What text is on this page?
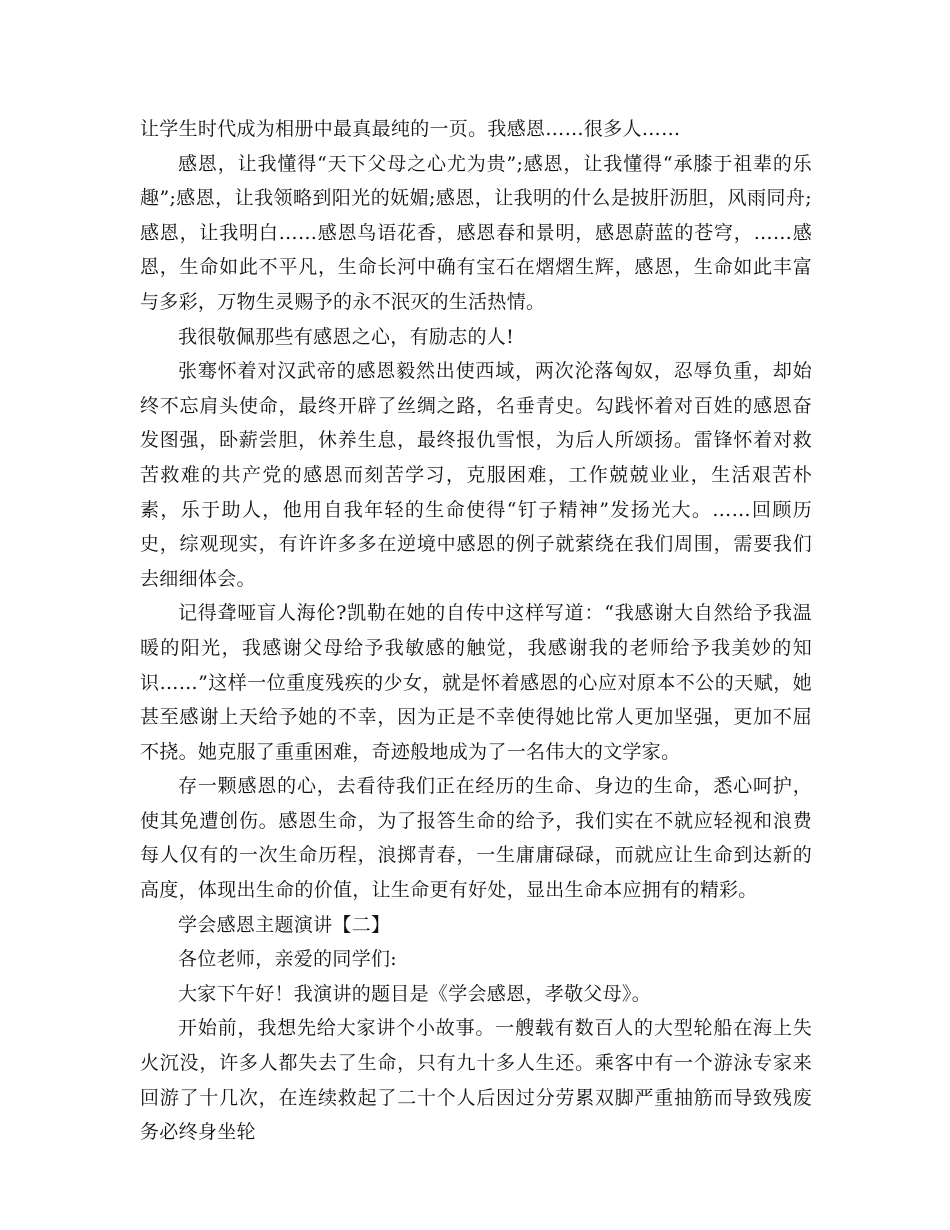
让学生时代成为相册中最真最纯的一页。我感恩……很多人……

感恩，让我懂得“天下父母之心尤为贵”;感恩，让我懂得“承膝于祖辈的乐趣”;感恩，让我领略到阳光的妩媚;感恩，让我明的什么是披肝沥胆，风雨同舟;感恩，让我明白……感恩鸟语花香，感恩春和景明，感恩蔚蓝的苍穹，……感恩，生命如此不平凡，生命长河中确有宝石在熠熠生辉，感恩，生命如此丰富与多彩，万物生灵赐予的永不泯灭的生活热情。

我很敬佩那些有感恩之心，有励志的人!

张骞怀着对汉武帝的感恩毅然出使西域，两次沦落匈奴，忍辱负重，却始终不忘肩头使命，最终开辟了丝绸之路，名垂青史。勾践怀着对百姓的感恩奋发图强，卧薪尝胆，休养生息，最终报仇雪恨，为后人所颂扬。雷锋怀着对救苦救难的共产党的感恩而刻苦学习，克服困难，工作兢兢业业，生活艰苦朴素，乐于助人，他用自我年轻的生命使得“钉子精神”发扬光大。……回顾历史，综观现实，有许许多多在逆境中感恩的例子就萦绕在我们周围，需要我们去细细体会。

记得聋哑盲人海伦?凯勒在她的自传中这样写道：“我感谢大自然给予我温暖的阳光，我感谢父母给予我敏感的触觉，我感谢我的老师给予我美妙的知识……”这样一位重度残疾的少女，就是怀着感恩的心应对原本不公的天赋，她甚至感谢上天给予她的不幸，因为正是不幸使得她比常人更加坚强，更加不屈不挠。她克服了重重困难，奇迹般地成为了一名伟大的文学家。

存一颗感恩的心，去看待我们正在经历的生命、身边的生命，悉心呵护，使其免遭创伤。感恩生命，为了报答生命的给予，我们实在不就应轻视和浪费每人仅有的一次生命历程，浪掷青春，一生庸庸碌碌，而就应让生命到达新的高度，体现出生命的价值，让生命更有好处，显出生命本应拥有的精彩。

学会感恩主题演讲【二】

各位老师，亲爱的同学们:

大家下午好！我演讲的题目是《学会感恩，孝敬父母》。

开始前，我想先给大家讲个小故事。一艘载有数百人的大型轮船在海上失火沉没，许多人都失去了生命，只有九十多人生还。乘客中有一个游泳专家来回游了十几次，在连续救起了二十个人后因过分劳累双脚严重抽筋而导致残废务必终身坐轮
